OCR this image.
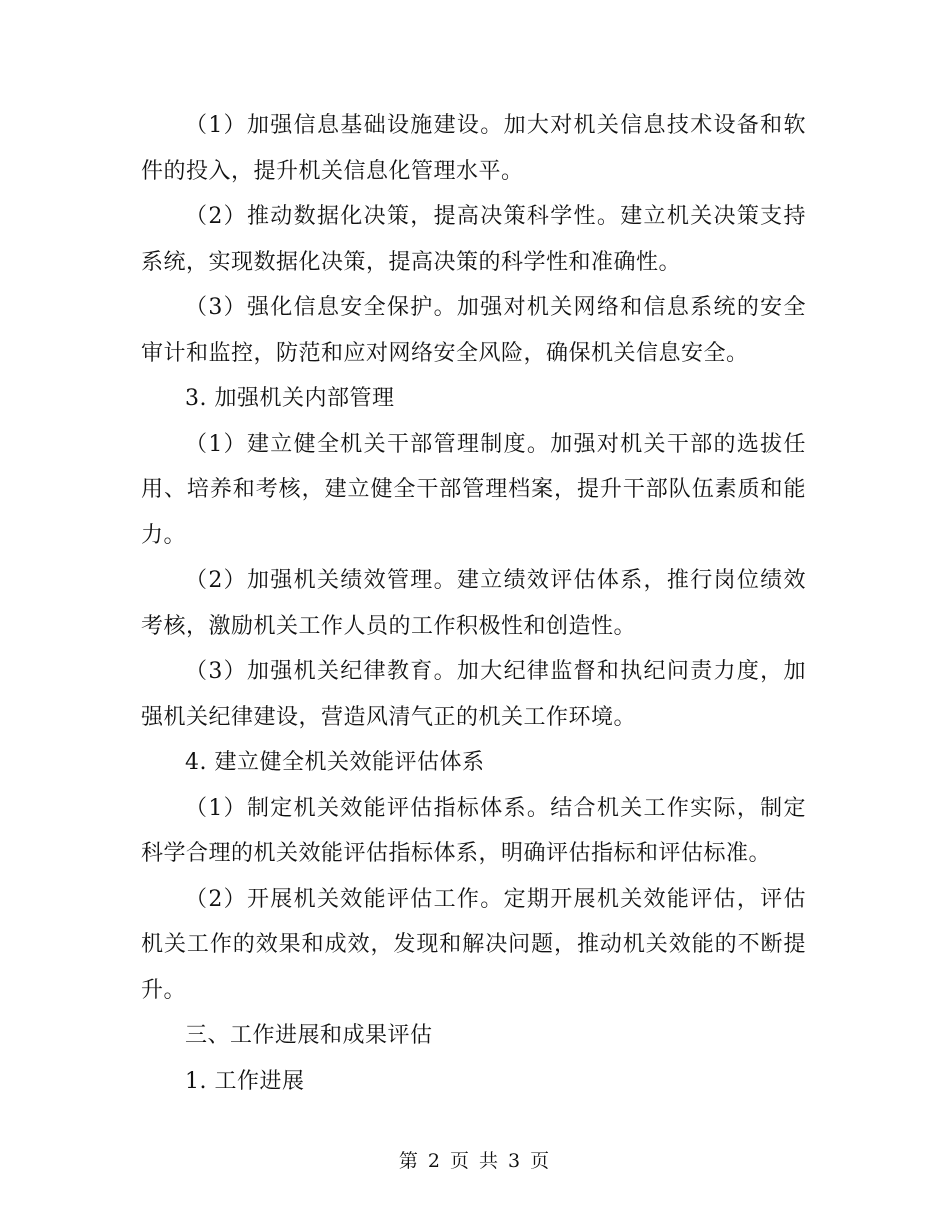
（1）加强信息基础设施建设。加大对机关信息技术设备和软件的投入，提升机关信息化管理水平。

（2）推动数据化决策，提高决策科学性。建立机关决策支持系统，实现数据化决策，提高决策的科学性和准确性。

（3）强化信息安全保护。加强对机关网络和信息系统的安全审计和监控，防范和应对网络安全风险，确保机关信息安全。

3. 加强机关内部管理

（1）建立健全机关干部管理制度。加强对机关干部的选拔任用、培养和考核，建立健全干部管理档案，提升干部队伍素质和能力。

（2）加强机关绩效管理。建立绩效评估体系，推行岗位绩效考核，激励机关工作人员的工作积极性和创造性。

（3）加强机关纪律教育。加大纪律监督和执纪问责力度，加强机关纪律建设，营造风清气正的机关工作环境。

4. 建立健全机关效能评估体系

（1）制定机关效能评估指标体系。结合机关工作实际，制定科学合理的机关效能评估指标体系，明确评估指标和评估标准。

（2）开展机关效能评估工作。定期开展机关效能评估，评估机关工作的效果和成效，发现和解决问题，推动机关效能的不断提升。

三、工作进展和成果评估

1. 工作进展

第 2 页 共 3 页
